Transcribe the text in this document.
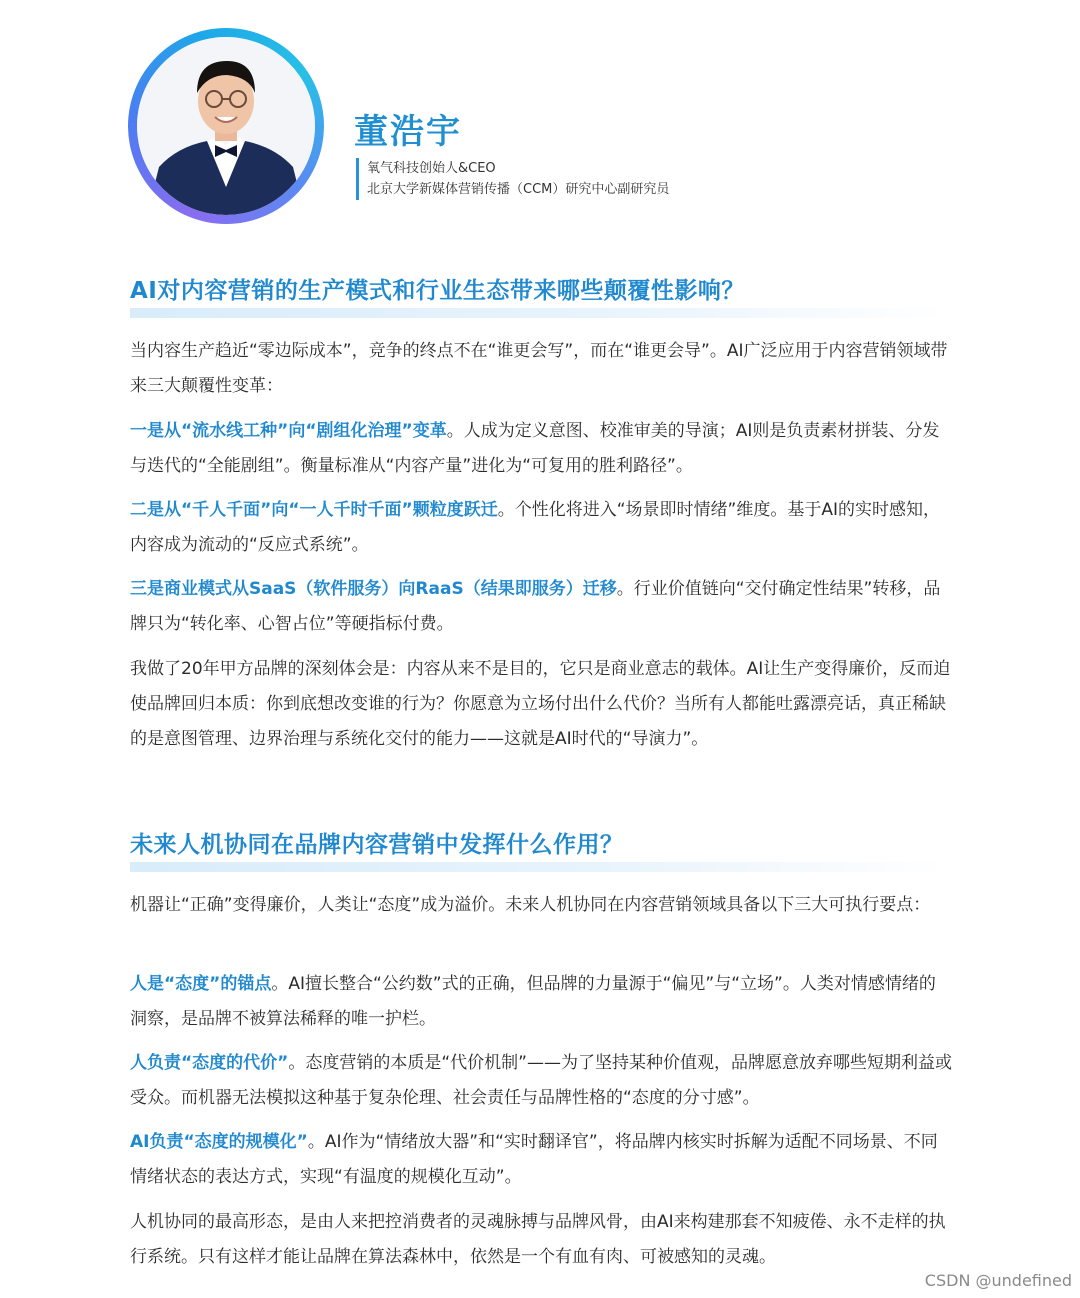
董浩宇
氧气科技创始人&CEO
北京大学新媒体营销传播（CCM）研究中心副研究员
AI对内容营销的生产模式和行业生态带来哪些颠覆性影响？
当内容生产趋近“零边际成本”，竞争的终点不在“谁更会写”，而在“谁更会导”。AI广泛应用于内容营销领域带来三大颠覆性变革：
一是从“流水线工种”向“剧组化治理”变革。人成为定义意图、校准审美的导演；AI则是负责素材拼装、分发与迭代的“全能剧组”。衡量标准从“内容产量”进化为“可复用的胜利路径”。
二是从“千人千面”向“一人千时千面”颗粒度跃迁。个性化将进入“场景即时情绪”维度。基于AI的实时感知，内容成为流动的“反应式系统”。
三是商业模式从SaaS（软件服务）向RaaS（结果即服务）迁移。行业价值链向“交付确定性结果”转移，品牌只为“转化率、心智占位”等硬指标付费。
我做了20年甲方品牌的深刻体会是：内容从来不是目的，它只是商业意志的载体。AI让生产变得廉价，反而迫使品牌回归本质：你到底想改变谁的行为？你愿意为立场付出什么代价？当所有人都能吐露漂亮话，真正稀缺的是意图管理、边界治理与系统化交付的能力——这就是AI时代的“导演力”。
未来人机协同在品牌内容营销中发挥什么作用？
机器让“正确”变得廉价，人类让“态度”成为溢价。未来人机协同在内容营销领域具备以下三大可执行要点：
人是“态度”的锚点。AI擅长整合“公约数”式的正确，但品牌的力量源于“偏见”与“立场”。人类对情感情绪的洞察，是品牌不被算法稀释的唯一护栏。
人负责“态度的代价”。态度营销的本质是“代价机制”——为了坚持某种价值观，品牌愿意放弃哪些短期利益或受众。而机器无法模拟这种基于复杂伦理、社会责任与品牌性格的“态度的分寸感”。
AI负责“态度的规模化”。AI作为“情绪放大器”和“实时翻译官”，将品牌内核实时拆解为适配不同场景、不同情绪状态的表达方式，实现“有温度的规模化互动”。
人机协同的最高形态，是由人来把控消费者的灵魂脉搏与品牌风骨，由AI来构建那套不知疲倦、永不走样的执行系统。只有这样才能让品牌在算法森林中，依然是一个有血有肉、可被感知的灵魂。
CSDN @undefined
